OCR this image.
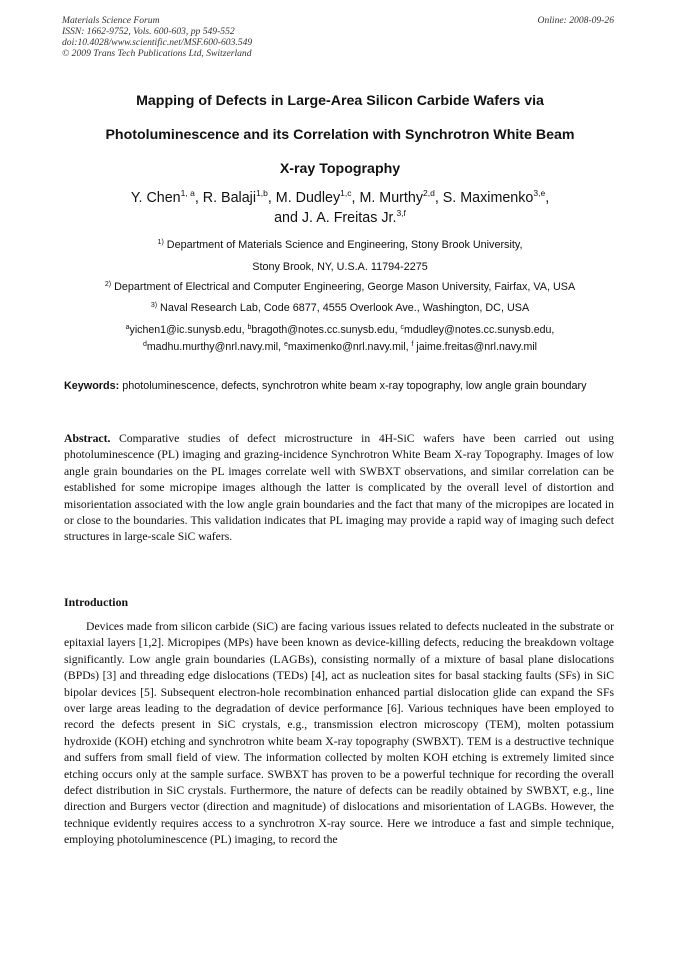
Materials Science Forum
ISSN: 1662-9752, Vols. 600-603, pp 549-552
doi:10.4028/www.scientific.net/MSF.600-603.549
© 2009 Trans Tech Publications Ltd, Switzerland
Online: 2008-09-26
Mapping of Defects in Large-Area Silicon Carbide Wafers via
Photoluminescence and its Correlation with Synchrotron White Beam
X-ray Topography
Y. Chen$^{1, a}$, R. Balaji$^{1,b}$, M. Dudley$^{1,c}$, M. Murthy$^{2,d}$, S. Maximenko$^{3,e}$,
and J. A. Freitas Jr.$^{3,f}$
$^{1)}$ Department of Materials Science and Engineering, Stony Brook University,
Stony Brook, NY, U.S.A. 11794-2275
$^{2)}$ Department of Electrical and Computer Engineering, George Mason University, Fairfax, VA, USA
$^{3)}$ Naval Research Lab, Code 6877, 4555 Overlook Ave., Washington, DC, USA
$^a$yichen1@ic.sunysb.edu, $^b$bragoth@notes.cc.sunysb.edu, $^c$mdudley@notes.cc.sunysb.edu,
$^d$madhu.murthy@nrl.navy.mil, $^e$maximenko@nrl.navy.mil, $^f$ jaime.freitas@nrl.navy.mil
Keywords: photoluminescence, defects, synchrotron white beam x-ray topography, low angle grain boundary
Abstract. Comparative studies of defect microstructure in 4H-SiC wafers have been carried out using photoluminescence (PL) imaging and grazing-incidence Synchrotron White Beam X-ray Topography. Images of low angle grain boundaries on the PL images correlate well with SWBXT observations, and similar correlation can be established for some micropipe images although the latter is complicated by the overall level of distortion and misorientation associated with the low angle grain boundaries and the fact that many of the micropipes are located in or close to the boundaries. This validation indicates that PL imaging may provide a rapid way of imaging such defect structures in large-scale SiC wafers.
Introduction
Devices made from silicon carbide (SiC) are facing various issues related to defects nucleated in the substrate or epitaxial layers [1,2]. Micropipes (MPs) have been known as device-killing defects, reducing the breakdown voltage significantly. Low angle grain boundaries (LAGBs), consisting normally of a mixture of basal plane dislocations (BPDs) [3] and threading edge dislocations (TEDs) [4], act as nucleation sites for basal stacking faults (SFs) in SiC bipolar devices [5]. Subsequent electron-hole recombination enhanced partial dislocation glide can expand the SFs over large areas leading to the degradation of device performance [6]. Various techniques have been employed to record the defects present in SiC crystals, e.g., transmission electron microscopy (TEM), molten potassium hydroxide (KOH) etching and synchrotron white beam X-ray topography (SWBXT). TEM is a destructive technique and suffers from small field of view. The information collected by molten KOH etching is extremely limited since etching occurs only at the sample surface. SWBXT has proven to be a powerful technique for recording the overall defect distribution in SiC crystals. Furthermore, the nature of defects can be readily obtained by SWBXT, e.g., line direction and Burgers vector (direction and magnitude) of dislocations and misorientation of LAGBs. However, the technique evidently requires access to a synchrotron X-ray source. Here we introduce a fast and simple technique, employing photoluminescence (PL) imaging, to record the
